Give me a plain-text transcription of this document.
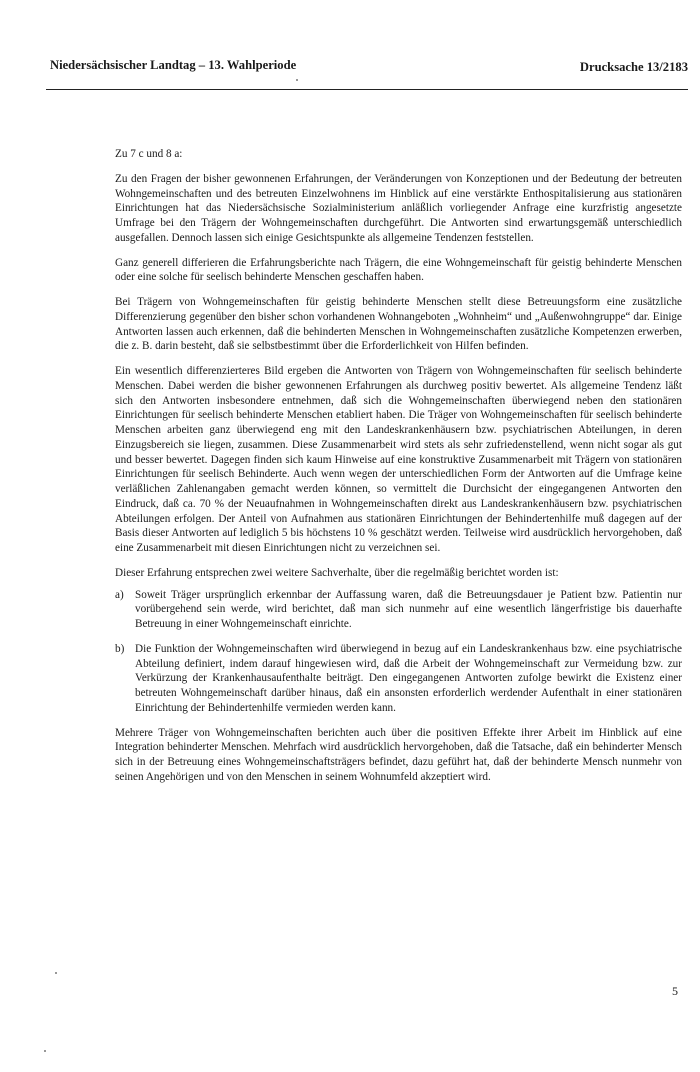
Niedersächsischer Landtag – 13. Wahlperiode	Drucksache 13/2183

Zu 7 c und 8 a:

Zu den Fragen der bisher gewonnenen Erfahrungen, der Veränderungen von Konzeptionen und der Bedeutung der betreuten Wohngemeinschaften und des betreuten Einzelwohnens im Hinblick auf eine verstärkte Enthospitalisierung aus stationären Einrichtungen hat das Niedersächsische Sozialministerium anläßlich vorliegender Anfrage eine kurzfristig angesetzte Umfrage bei den Trägern der Wohngemeinschaften durchgeführt. Die Antworten sind erwartungsgemäß unterschiedlich ausgefallen. Dennoch lassen sich einige Gesichtspunkte als allgemeine Tendenzen feststellen.

Ganz generell differieren die Erfahrungsberichte nach Trägern, die eine Wohngemeinschaft für geistig behinderte Menschen oder eine solche für seelisch behinderte Menschen geschaffen haben.

Bei Trägern von Wohngemeinschaften für geistig behinderte Menschen stellt diese Betreuungsform eine zusätzliche Differenzierung gegenüber den bisher schon vorhandenen Wohnangeboten „Wohnheim“ und „Außenwohngruppe“ dar. Einige Antworten lassen auch erkennen, daß die behinderten Menschen in Wohngemeinschaften zusätzliche Kompetenzen erwerben, die z. B. darin besteht, daß sie selbstbestimmt über die Erforderlichkeit von Hilfen befinden.

Ein wesentlich differenzierteres Bild ergeben die Antworten von Trägern von Wohngemeinschaften für seelisch behinderte Menschen. Dabei werden die bisher gewonnenen Erfahrungen als durchweg positiv bewertet. Als allgemeine Tendenz läßt sich den Antworten insbesondere entnehmen, daß sich die Wohngemeinschaften überwiegend neben den stationären Einrichtungen für seelisch behinderte Menschen etabliert haben. Die Träger von Wohngemeinschaften für seelisch behinderte Menschen arbeiten ganz überwiegend eng mit den Landeskrankenhäusern bzw. psychiatrischen Abteilungen, in deren Einzugsbereich sie liegen, zusammen. Diese Zusammenarbeit wird stets als sehr zufriedenstellend, wenn nicht sogar als gut und besser bewertet. Dagegen finden sich kaum Hinweise auf eine konstruktive Zusammenarbeit mit Trägern von stationären Einrichtungen für seelisch Behinderte. Auch wenn wegen der unterschiedlichen Form der Antworten auf die Umfrage keine verläßlichen Zahlenangaben gemacht werden können, so vermittelt die Durchsicht der eingegangenen Antworten den Eindruck, daß ca. 70 % der Neuaufnahmen in Wohngemeinschaften direkt aus Landeskrankenhäusern bzw. psychiatrischen Abteilungen erfolgen. Der Anteil von Aufnahmen aus stationären Einrichtungen der Behindertenhilfe muß dagegen auf der Basis dieser Antworten auf lediglich 5 bis höchstens 10 % geschätzt werden. Teilweise wird ausdrücklich hervorgehoben, daß eine Zusammenarbeit mit diesen Einrichtungen nicht zu verzeichnen sei.

Dieser Erfahrung entsprechen zwei weitere Sachverhalte, über die regelmäßig berichtet worden ist:

a) Soweit Träger ursprünglich erkennbar der Auffassung waren, daß die Betreuungsdauer je Patient bzw. Patientin nur vorübergehend sein werde, wird berichtet, daß man sich nunmehr auf eine wesentlich längerfristige bis dauerhafte Betreuung in einer Wohngemeinschaft einrichte.
b) Die Funktion der Wohngemeinschaften wird überwiegend in bezug auf ein Landeskrankenhaus bzw. eine psychiatrische Abteilung definiert, indem darauf hingewiesen wird, daß die Arbeit der Wohngemeinschaft zur Vermeidung bzw. zur Verkürzung der Krankenhausaufenthalte beiträgt. Den eingegangenen Antworten zufolge bewirkt die Existenz einer betreuten Wohngemeinschaft darüber hinaus, daß ein ansonsten erforderlich werdender Aufenthalt in einer stationären Einrichtung der Behindertenhilfe vermieden werden kann.

Mehrere Träger von Wohngemeinschaften berichten auch über die positiven Effekte ihrer Arbeit im Hinblick auf eine Integration behinderter Menschen. Mehrfach wird ausdrücklich hervorgehoben, daß die Tatsache, daß ein behinderter Mensch sich in der Betreuung eines Wohngemeinschaftsträgers befindet, dazu geführt hat, daß der behinderte Mensch nunmehr von seinen Angehörigen und von den Menschen in seinem Wohnumfeld akzeptiert wird.

5
